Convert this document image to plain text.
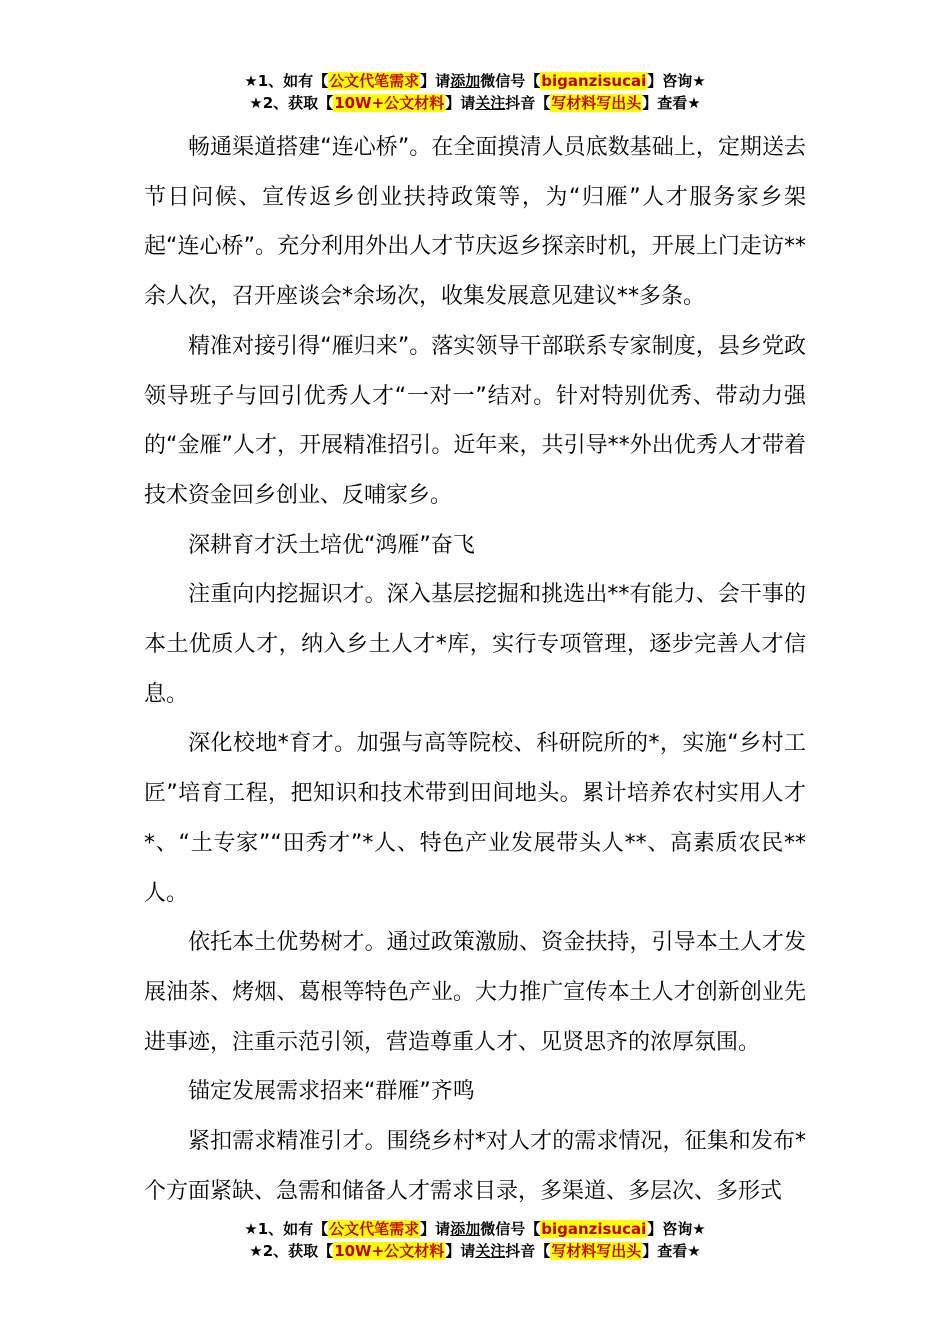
★1、如有【公文代笔需求】请添加微信号【biganzisucai】咨询★
★2、获取【10W+公文材料】请关注抖音【写材料写出头】查看★

畅通渠道搭建“连心桥”。在全面摸清人员底数基础上，定期送去节日问候、宣传返乡创业扶持政策等，为“归雁”人才服务家乡架起“连心桥”。充分利用外出人才节庆返乡探亲时机，开展上门走访**余人次，召开座谈会*余场次，收集发展意见建议**多条。

精准对接引得“雁归来”。落实领导干部联系专家制度，县乡党政领导班子与回引优秀人才“一对一”结对。针对特别优秀、带动力强的“金雁”人才，开展精准招引。近年来，共引导**外出优秀人才带着技术资金回乡创业、反哺家乡。

深耕育才沃土培优“鸿雁”奋飞

注重向内挖掘识才。深入基层挖掘和挑选出**有能力、会干事的本土优质人才，纳入乡土人才*库，实行专项管理，逐步完善人才信息。

深化校地*育才。加强与高等院校、科研院所的*，实施“乡村工匠”培育工程，把知识和技术带到田间地头。累计培养农村实用人才*、“土专家”“田秀才”*人、特色产业发展带头人**、高素质农民**人。

依托本土优势树才。通过政策激励、资金扶持，引导本土人才发展油茶、烤烟、葛根等特色产业。大力推广宣传本土人才创新创业先进事迹，注重示范引领，营造尊重人才、见贤思齐的浓厚氛围。

锚定发展需求招来“群雁”齐鸣

紧扣需求精准引才。围绕乡村*对人才的需求情况，征集和发布*个方面紧缺、急需和储备人才需求目录，多渠道、多层次、多形式

★1、如有【公文代笔需求】请添加微信号【biganzisucai】咨询★
★2、获取【10W+公文材料】请关注抖音【写材料写出头】查看★
